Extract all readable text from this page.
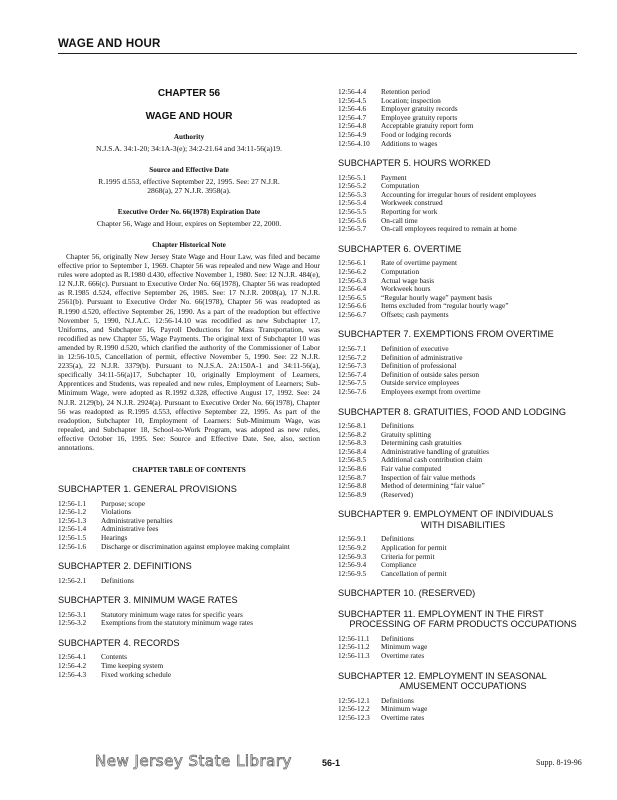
WAGE AND HOUR
CHAPTER 56
WAGE AND HOUR
Authority
N.J.S.A. 34:1-20; 34:1A-3(e); 34:2-21.64 and 34:11-56(a)19.
Source and Effective Date
R.1995 d.553, effective September 22, 1995. See: 27 N.J.R. 2868(a), 27 N.J.R. 3958(a).
Executive Order No. 66(1978) Expiration Date
Chapter 56, Wage and Hour, expires on September 22, 2000.
Chapter Historical Note
Chapter 56, originally New Jersey State Wage and Hour Law, was filed and became effective prior to September 1, 1969. Chapter 56 was repealed and new Wage and Hour rules were adopted as R.1980 d.430, effective November 1, 1980. See: 12 N.J.R. 484(e), 12 N.J.R. 666(c). Pursuant to Executive Order No. 66(1978), Chapter 56 was readopted as R.1985 d.524, effective September 26, 1985. See: 17 N.J.R. 2008(a), 17 N.J.R. 2561(b). Pursuant to Executive Order No. 66(1978), Chapter 56 was readopted as R.1990 d.520, effective September 26, 1990. As a part of the readoption but effective November 5, 1990, N.J.A.C. 12:56-14.10 was recodified as new Subchapter 17, Uniforms, and Subchapter 16, Payroll Deductions for Mass Transportation, was recodified as new Chapter 55, Wage Payments. The original text of Subchapter 10 was amended by R.1990 d.520, which clarified the authority of the Commissioner of Labor in 12:56-10.5, Cancellation of permit, effective November 5, 1990. See: 22 N.J.R. 2235(a), 22 N.J.R. 3379(b). Pursuant to N.J.S.A. 2A:150A-1 and 34:11-56(a), specifically 34:11-56(a)17, Subchapter 10, originally Employment of Learners, Apprentices and Students, was repealed and new rules, Employment of Learners; Sub-Minimum Wage, were adopted as R.1992 d.328, effective August 17, 1992. See: 24 N.J.R. 2129(b), 24 N.J.R. 2924(a). Pursuant to Executive Order No. 66(1978), Chapter 56 was readopted as R.1995 d.553, effective September 22, 1995. As part of the readoption, Subchapter 10, Employment of Learners: Sub-Minimum Wage, was repealed, and Subchapter 18, School-to-Work Program, was adopted as new rules, effective October 16, 1995. See: Source and Effective Date. See, also, section annotations.
CHAPTER TABLE OF CONTENTS
SUBCHAPTER 1. GENERAL PROVISIONS
12:56-1.1	Purpose; scope
12:56-1.2	Violations
12:56-1.3	Administrative penalties
12:56-1.4	Administrative fees
12:56-1.5	Hearings
12:56-1.6	Discharge or discrimination against employee making complaint
SUBCHAPTER 2. DEFINITIONS
12:56-2.1	Definitions
SUBCHAPTER 3. MINIMUM WAGE RATES
12:56-3.1	Statutory minimum wage rates for specific years
12:56-3.2	Exemptions from the statutory minimum wage rates
SUBCHAPTER 4. RECORDS
12:56-4.1	Contents
12:56-4.2	Time keeping system
12:56-4.3	Fixed working schedule
12:56-4.4	Retention period
12:56-4.5	Location; inspection
12:56-4.6	Employer gratuity records
12:56-4.7	Employee gratuity reports
12:56-4.8	Acceptable gratuity report form
12:56-4.9	Food or lodging records
12:56-4.10	Additions to wages
SUBCHAPTER 5. HOURS WORKED
12:56-5.1	Payment
12:56-5.2	Computation
12:56-5.3	Accounting for irregular hours of resident employees
12:56-5.4	Workweek construed
12:56-5.5	Reporting for work
12:56-5.6	On-call time
12:56-5.7	On-call employees required to remain at home
SUBCHAPTER 6. OVERTIME
12:56-6.1	Rate of overtime payment
12:56-6.2	Computation
12:56-6.3	Actual wage basis
12:56-6.4	Workweek hours
12:56-6.5	“Regular hourly wage” payment basis
12:56-6.6	Items excluded from “regular hourly wage”
12:56-6.7	Offsets; cash payments
SUBCHAPTER 7. EXEMPTIONS FROM OVERTIME
12:56-7.1	Definition of executive
12:56-7.2	Definition of administrative
12:56-7.3	Definition of professional
12:56-7.4	Definition of outside sales person
12:56-7.5	Outside service employees
12:56-7.6	Employees exempt from overtime
SUBCHAPTER 8. GRATUITIES, FOOD AND LODGING
12:56-8.1	Definitions
12:56-8.2	Gratuity splitting
12:56-8.3	Determining cash gratuities
12:56-8.4	Administrative handling of gratuities
12:56-8.5	Additional cash contribution claim
12:56-8.6	Fair value computed
12:56-8.7	Inspection of fair value methods
12:56-8.8	Method of determining “fair value”
12:56-8.9	(Reserved)
SUBCHAPTER 9. EMPLOYMENT OF INDIVIDUALS
WITH DISABILITIES
12:56-9.1	Definitions
12:56-9.2	Application for permit
12:56-9.3	Criteria for permit
12:56-9.4	Compliance
12:56-9.5	Cancellation of permit
SUBCHAPTER 10. (RESERVED)
SUBCHAPTER 11. EMPLOYMENT IN THE FIRST
PROCESSING OF FARM PRODUCTS OCCUPATIONS
12:56-11.1	Definitions
12:56-11.2	Minimum wage
12:56-11.3	Overtime rates
SUBCHAPTER 12. EMPLOYMENT IN SEASONAL
AMUSEMENT OCCUPATIONS
12:56-12.1	Definitions
12:56-12.2	Minimum wage
12:56-12.3	Overtime rates
New Jersey State Library	56-1	Supp. 8-19-96
